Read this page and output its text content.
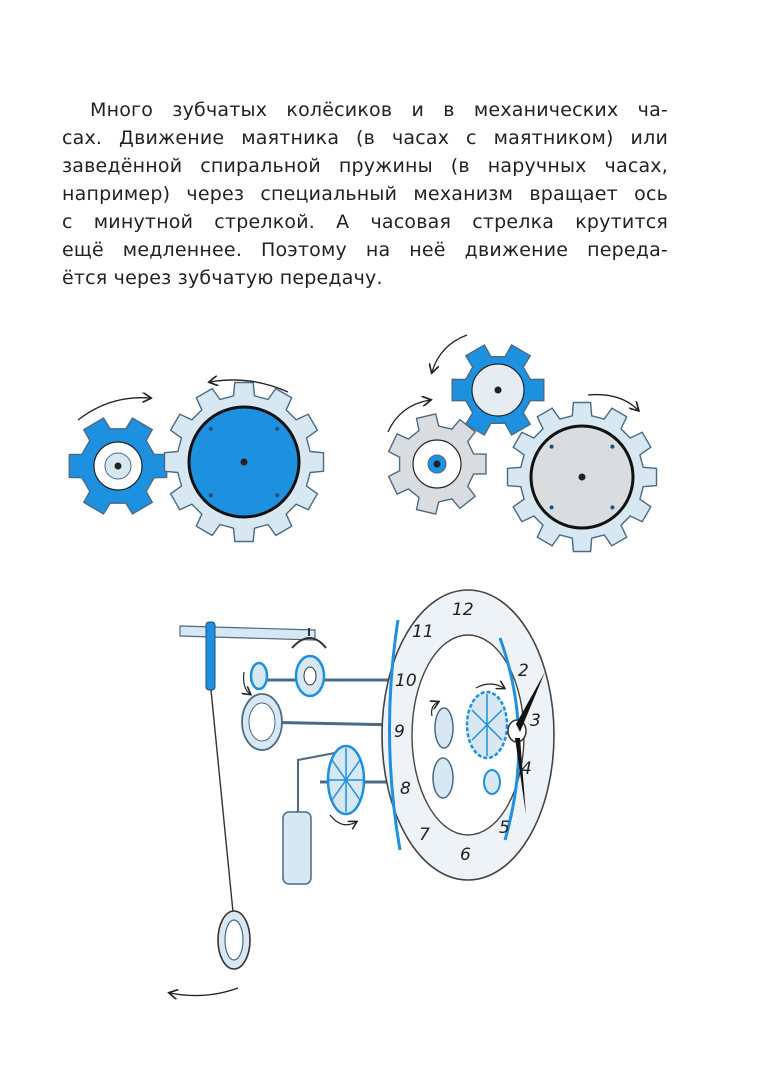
Много зубчатых колёсиков и в механических ча-
сах. Движение маятника (в часах с маятником) или
заведённой спиральной пружины (в наручных часах,
например) через специальный механизм вращает ось
с минутной стрелкой. А часовая стрелка крутится
ещё медленнее. Поэтому на неё движение переда-
ётся через зубчатую передачу.
12
11
10
9
8
7
6
5
4
3
2
